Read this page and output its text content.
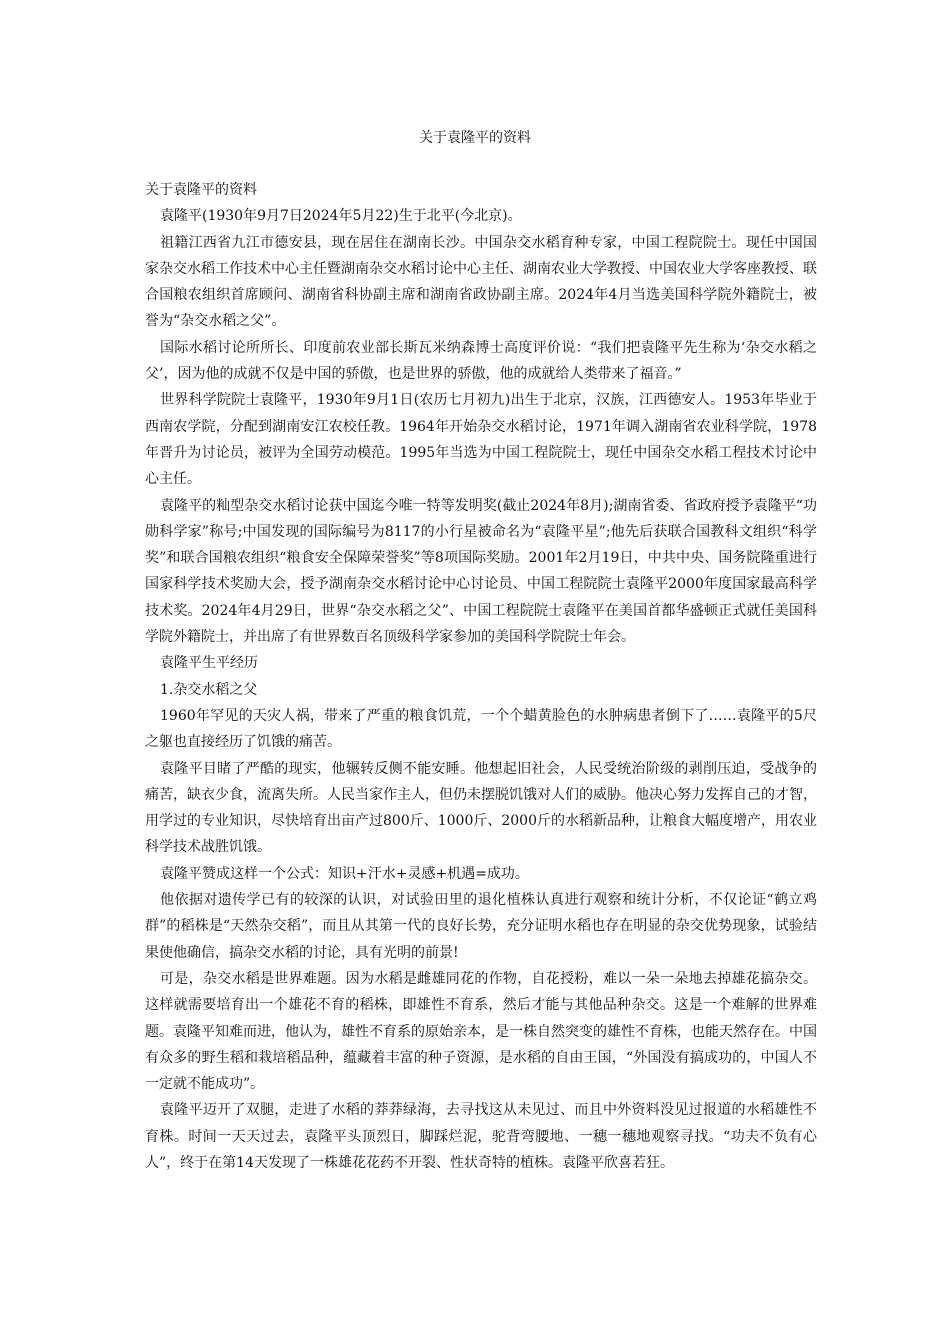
关于袁隆平的资料

关于袁隆平的资料

袁隆平(1930年9月7日2024年5月22)生于北平(今北京)。

祖籍江西省九江市德安县，现在居住在湖南长沙。中国杂交水稻育种专家，中国工程院院士。现任中国国家杂交水稻工作技术中心主任暨湖南杂交水稻讨论中心主任、湖南农业大学教授、中国农业大学客座教授、联合国粮农组织首席顾问、湖南省科协副主席和湖南省政协副主席。2024年4月当选美国科学院外籍院士，被誉为“杂交水稻之父”。

国际水稻讨论所所长、印度前农业部长斯瓦米纳森博士高度评价说：“我们把袁隆平先生称为‘杂交水稻之父’，因为他的成就不仅是中国的骄傲，也是世界的骄傲，他的成就给人类带来了福音。”

世界科学院院士袁隆平，1930年9月1日(农历七月初九)出生于北京，汉族，江西德安人。1953年毕业于西南农学院，分配到湖南安江农校任教。1964年开始杂交水稻讨论，1971年调入湖南省农业科学院，1978年晋升为讨论员，被评为全国劳动模范。1995年当选为中国工程院院士，现任中国杂交水稻工程技术讨论中心主任。

袁隆平的籼型杂交水稻讨论获中国迄今唯一特等发明奖(截止2024年8月);湖南省委、省政府授予袁隆平“功勋科学家”称号;中国发现的国际编号为8117的小行星被命名为“袁隆平星”;他先后获联合国教科文组织“科学奖”和联合国粮农组织“粮食安全保障荣誉奖”等8项国际奖励。2001年2月19日，中共中央、国务院隆重进行国家科学技术奖励大会，授予湖南杂交水稻讨论中心讨论员、中国工程院院士袁隆平2000年度国家最高科学技术奖。2024年4月29日，世界“杂交水稻之父”、中国工程院院士袁隆平在美国首都华盛顿正式就任美国科学院外籍院士，并出席了有世界数百名顶级科学家参加的美国科学院院士年会。

袁隆平生平经历

1.杂交水稻之父

1960年罕见的天灾人祸，带来了严重的粮食饥荒，一个个蜡黄脸色的水肿病患者倒下了……袁隆平的5尺之躯也直接经历了饥饿的痛苦。

袁隆平目睹了严酷的现实，他辗转反侧不能安睡。他想起旧社会，人民受统治阶级的剥削压迫，受战争的痛苦，缺衣少食，流离失所。人民当家作主人，但仍未摆脱饥饿对人们的威胁。他决心努力发挥自己的才智，用学过的专业知识，尽快培育出亩产过800斤、1000斤、2000斤的水稻新品种，让粮食大幅度增产，用农业科学技术战胜饥饿。

袁隆平赞成这样一个公式：知识+汗水+灵感+机遇=成功。

他依据对遗传学已有的较深的认识，对试验田里的退化植株认真进行观察和统计分析，不仅论证“鹤立鸡群”的稻株是“天然杂交稻”，而且从其第一代的良好长势，充分证明水稻也存在明显的杂交优势现象，试验结果使他确信，搞杂交水稻的讨论，具有光明的前景!

可是，杂交水稻是世界难题。因为水稻是雌雄同花的作物，自花授粉，难以一朵一朵地去掉雄花搞杂交。这样就需要培育出一个雄花不育的稻株，即雄性不育系，然后才能与其他品种杂交。这是一个难解的世界难题。袁隆平知难而进，他认为，雄性不育系的原始亲本，是一株自然突变的雄性不育株，也能天然存在。中国有众多的野生稻和栽培稻品种，蕴藏着丰富的种子资源，是水稻的自由王国，“外国没有搞成功的，中国人不一定就不能成功”。

袁隆平迈开了双腿，走进了水稻的莽莽绿海，去寻找这从未见过、而且中外资料没见过报道的水稻雄性不育株。时间一天天过去，袁隆平头顶烈日，脚踩烂泥，驼背弯腰地、一穗一穗地观察寻找。“功夫不负有心人”，终于在第14天发现了一株雄花花药不开裂、性状奇特的植株。袁隆平欣喜若狂。
